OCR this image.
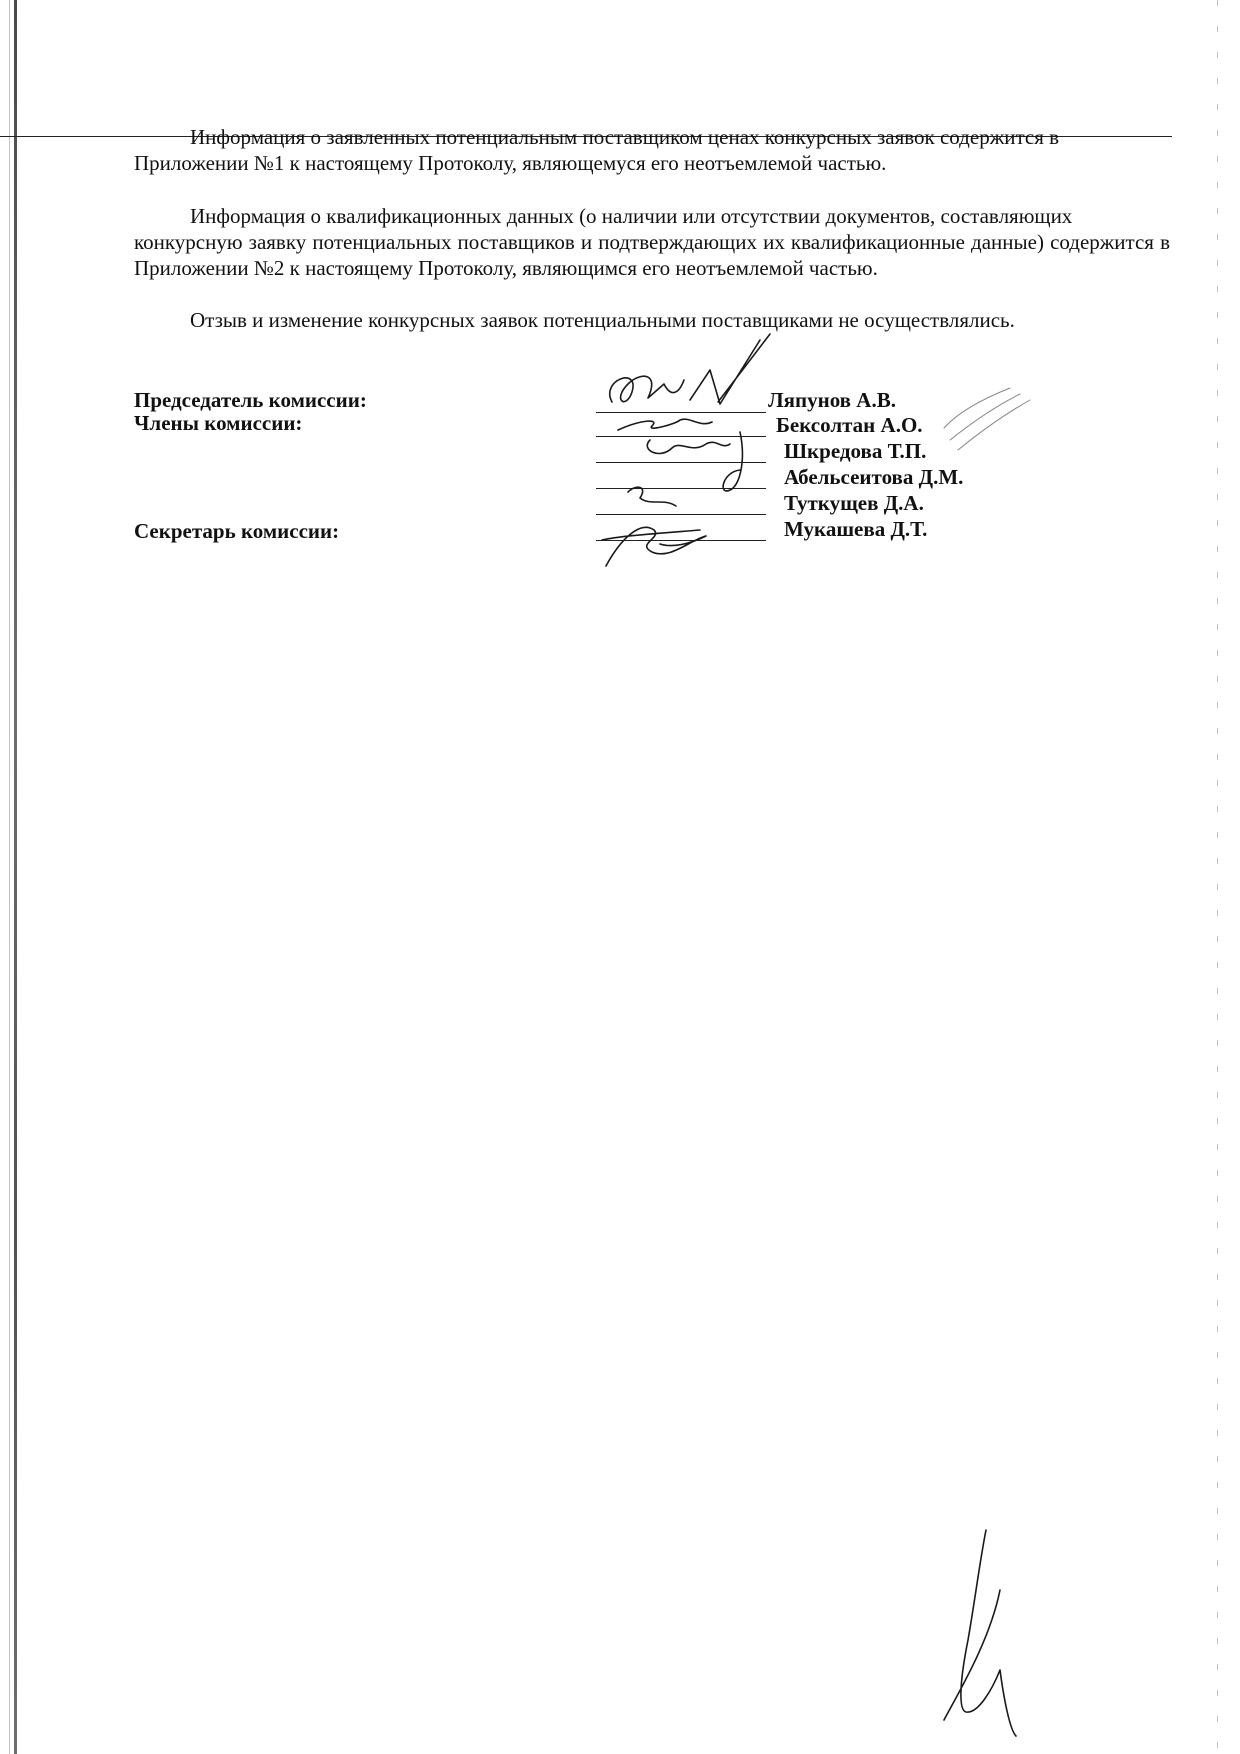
Информация о заявленных потенциальным поставщиком ценах конкурсных заявок содержится в
Приложении №1 к настоящему Протоколу, являющемуся его неотъемлемой частью.

Информация о квалификационных данных (о наличии или отсутствии документов, составляющих
конкурсную заявку потенциальных поставщиков и подтверждающих их квалификационные данные) содержится в Приложении №2 к настоящему Протоколу, являющимся его неотъемлемой частью.

Отзыв и изменение конкурсных заявок потенциальными поставщиками не осуществлялись.

Председатель комиссии:
Члены комиссии:
Секретарь комиссии:
Ляпунов А.В.
Бексолтан А.О.
Шкредова Т.П.
Абельсеитова Д.М.
Туткущев Д.А.
Мукашева Д.Т.
